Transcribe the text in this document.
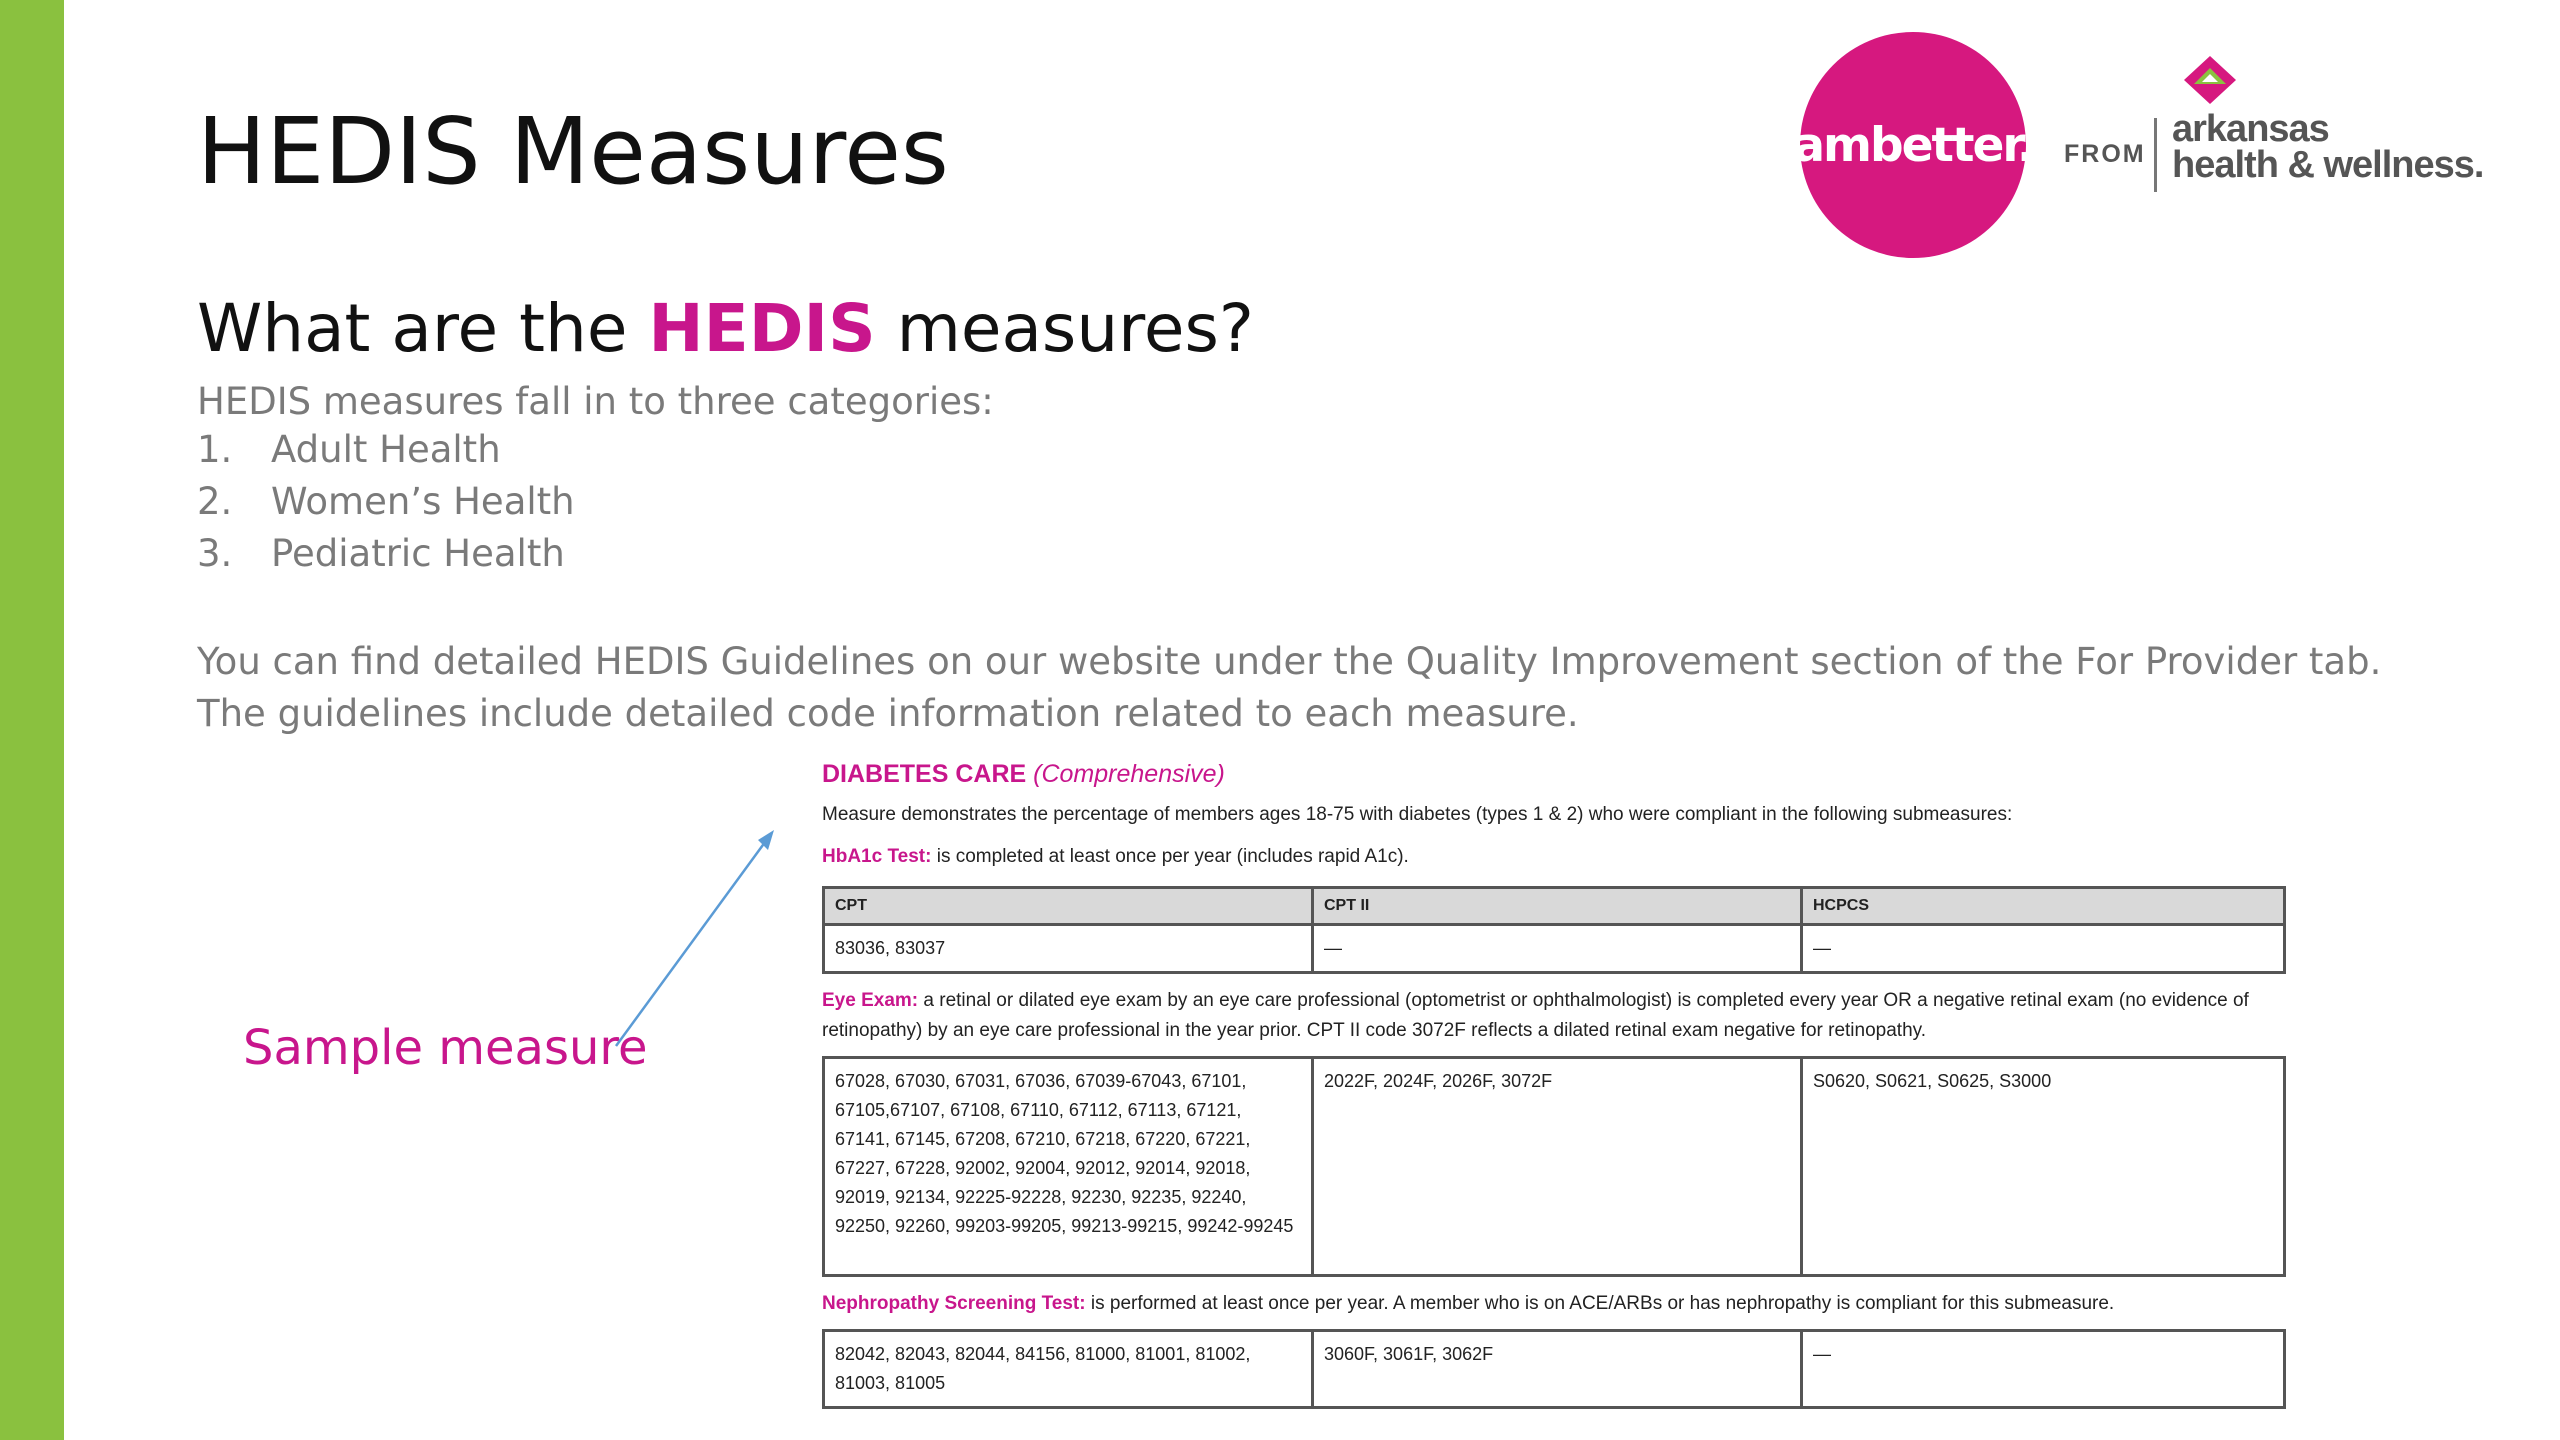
HEDIS Measures	ambetter. FROM
arkansas
health & wellness.
What are the HEDIS measures?
HEDIS measures fall in to three categories:
1.	Adult Health
2.	Women’s Health
3.	Pediatric Health
You can find detailed HEDIS Guidelines on our website under the Quality Improvement section of the For Provider tab. The guidelines include detailed code information related to each measure.
Sample measure
DIABETES CARE (Comprehensive)
Measure demonstrates the percentage of members ages 18-75 with diabetes (types 1 & 2) who were compliant in the following submeasures:
HbA1c Test: is completed at least once per year (includes rapid A1c).
CPT	CPT II	HCPCS
83036, 83037	—	—
Eye Exam: a retinal or dilated eye exam by an eye care professional (optometrist or ophthalmologist) is completed every year OR a negative retinal exam (no evidence of retinopathy) by an eye care professional in the year prior. CPT II code 3072F reflects a dilated retinal exam negative for retinopathy.
67028, 67030, 67031, 67036, 67039-67043, 67101, 67105,67107, 67108, 67110, 67112, 67113, 67121, 67141, 67145, 67208, 67210, 67218, 67220, 67221, 67227, 67228, 92002, 92004, 92012, 92014, 92018, 92019, 92134, 92225-92228, 92230, 92235, 92240, 92250, 92260, 99203-99205, 99213-99215, 99242-99245	2022F, 2024F, 2026F, 3072F	S0620, S0621, S0625, S3000
Nephropathy Screening Test: is performed at least once per year. A member who is on ACE/ARBs or has nephropathy is compliant for this submeasure.
82042, 82043, 82044, 84156, 81000, 81001, 81002, 81003, 81005	3060F, 3061F, 3062F	—
